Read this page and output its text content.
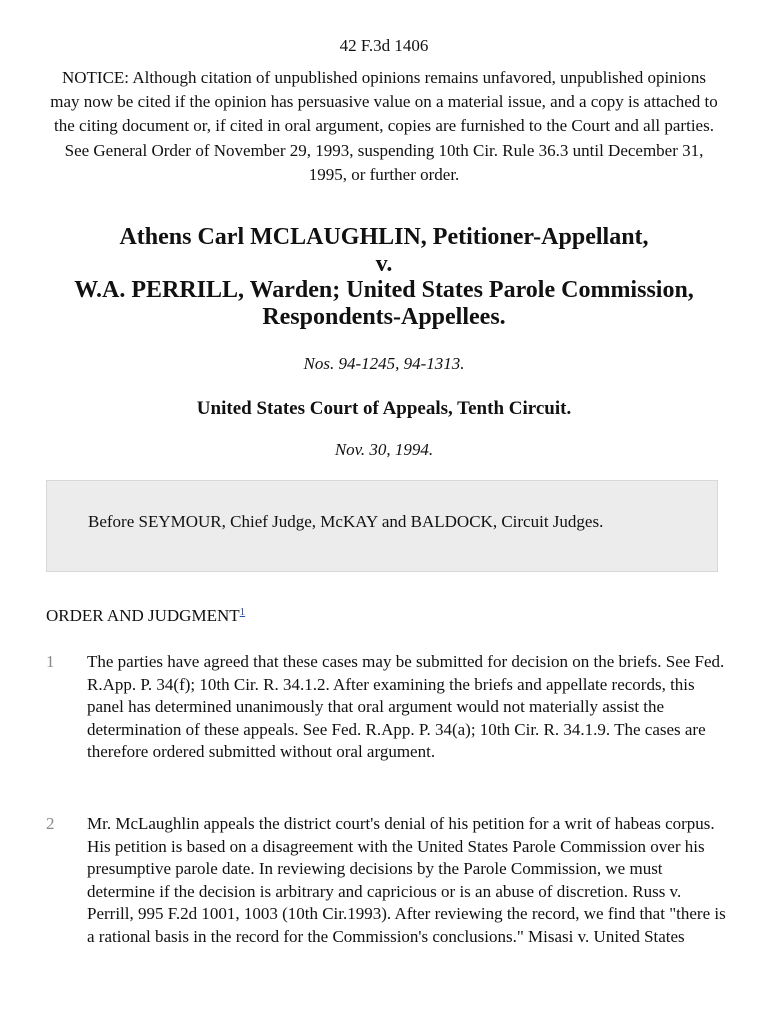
42 F.3d 1406
NOTICE: Although citation of unpublished opinions remains unfavored, unpublished opinions may now be cited if the opinion has persuasive value on a material issue, and a copy is attached to the citing document or, if cited in oral argument, copies are furnished to the Court and all parties. See General Order of November 29, 1993, suspending 10th Cir. Rule 36.3 until December 31, 1995, or further order.
Athens Carl MCLAUGHLIN, Petitioner-Appellant,
v.
W.A. PERRILL, Warden; United States Parole Commission, Respondents-Appellees.
Nos. 94-1245, 94-1313.
United States Court of Appeals, Tenth Circuit.
Nov. 30, 1994.
Before SEYMOUR, Chief Judge, McKAY and BALDOCK, Circuit Judges.
ORDER AND JUDGMENT$^1$
1	The parties have agreed that these cases may be submitted for decision on the briefs. See Fed. R.App. P. 34(f); 10th Cir. R. 34.1.2. After examining the briefs and appellate records, this panel has determined unanimously that oral argument would not materially assist the determination of these appeals. See Fed. R.App. P. 34(a); 10th Cir. R. 34.1.9. The cases are therefore ordered submitted without oral argument.
2	Mr. McLaughlin appeals the district court's denial of his petition for a writ of habeas corpus. His petition is based on a disagreement with the United States Parole Commission over his presumptive parole date. In reviewing decisions by the Parole Commission, we must determine if the decision is arbitrary and capricious or is an abuse of discretion. Russ v. Perrill, 995 F.2d 1001, 1003 (10th Cir.1993). After reviewing the record, we find that "there is a rational basis in the record for the Commission's conclusions." Misasi v. United States
